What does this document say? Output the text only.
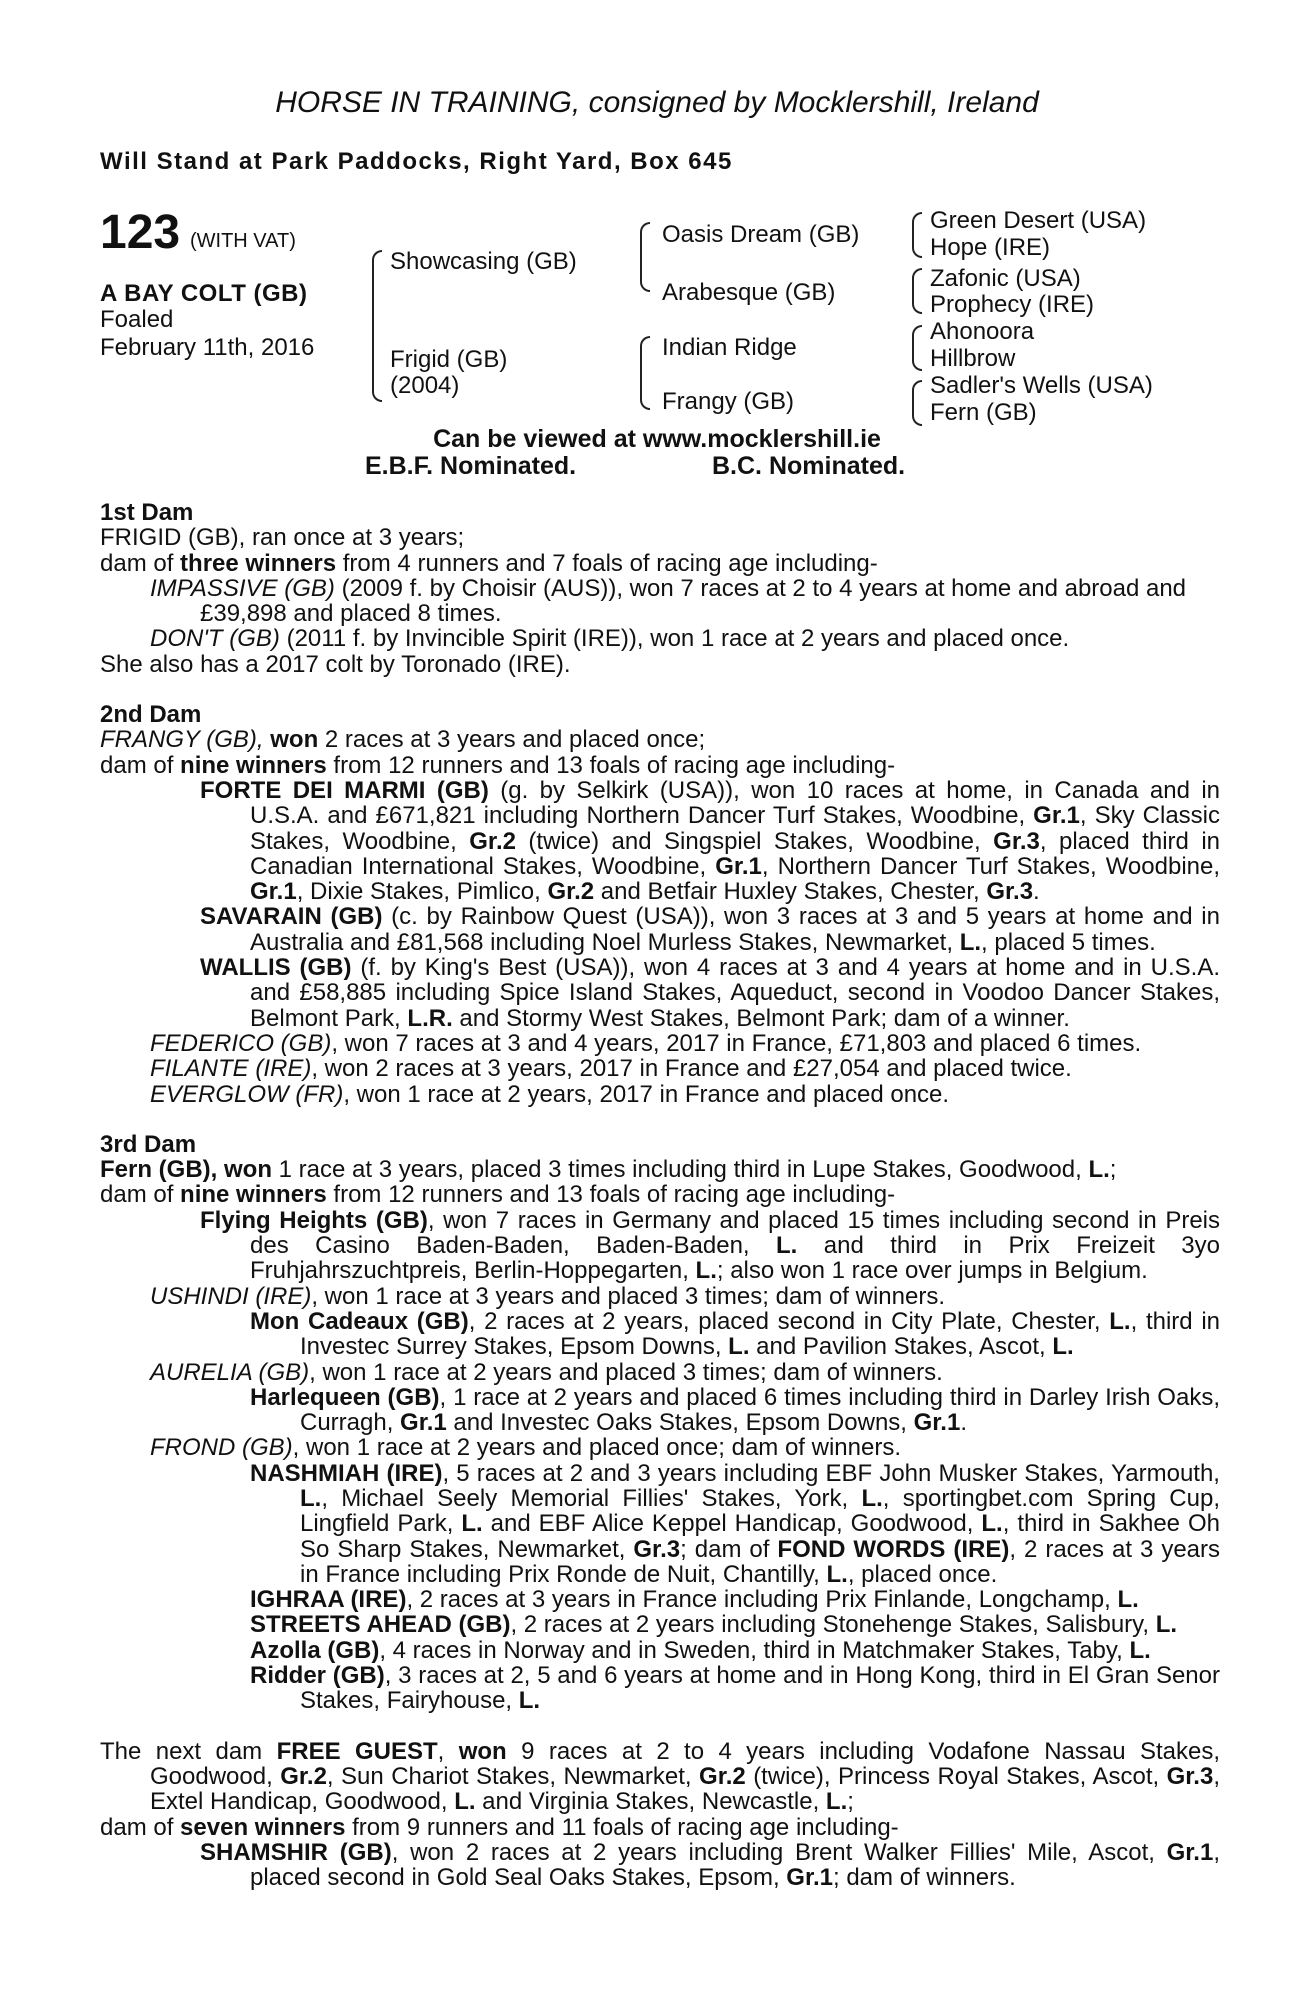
HORSE IN TRAINING, consigned by Mocklershill, Ireland
Will Stand at Park Paddocks, Right Yard, Box 645
123 (WITH VAT)
A BAY COLT (GB)
Foaled
February 11th, 2016
Showcasing (GB)
Frigid (GB)
(2004)
Oasis Dream (GB)
Arabesque (GB)
Indian Ridge
Frangy (GB)
Green Desert (USA)
Hope (IRE)
Zafonic (USA)
Prophecy (IRE)
Ahonoora
Hillbrow
Sadler's Wells (USA)
Fern (GB)
Can be viewed at www.mocklershill.ie
E.B.F. Nominated.	B.C. Nominated.

1st Dam

FRIGID (GB), ran once at 3 years;

dam of three winners from 4 runners and 7 foals of racing age including-

IMPASSIVE (GB) (2009 f. by Choisir (AUS)), won 7 races at 2 to 4 years at home and abroad and £39,898 and placed 8 times.

DON'T (GB) (2011 f. by Invincible Spirit (IRE)), won 1 race at 2 years and placed once.

She also has a 2017 colt by Toronado (IRE).

2nd Dam

FRANGY (GB), won 2 races at 3 years and placed once;

dam of nine winners from 12 runners and 13 foals of racing age including-

FORTE DEI MARMI (GB) (g. by Selkirk (USA)), won 10 races at home, in Canada and in U.S.A. and £671,821 including Northern Dancer Turf Stakes, Woodbine, Gr.1, Sky Classic Stakes, Woodbine, Gr.2 (twice) and Singspiel Stakes, Woodbine, Gr.3, placed third in Canadian International Stakes, Woodbine, Gr.1, Northern Dancer Turf Stakes, Woodbine, Gr.1, Dixie Stakes, Pimlico, Gr.2 and Betfair Huxley Stakes, Chester, Gr.3.

SAVARAIN (GB) (c. by Rainbow Quest (USA)), won 3 races at 3 and 5 years at home and in Australia and £81,568 including Noel Murless Stakes, Newmarket, L., placed 5 times.

WALLIS (GB) (f. by King's Best (USA)), won 4 races at 3 and 4 years at home and in U.S.A. and £58,885 including Spice Island Stakes, Aqueduct, second in Voodoo Dancer Stakes, Belmont Park, L.R. and Stormy West Stakes, Belmont Park; dam of a winner.

FEDERICO (GB), won 7 races at 3 and 4 years, 2017 in France, £71,803 and placed 6 times.

FILANTE (IRE), won 2 races at 3 years, 2017 in France and £27,054 and placed twice.

EVERGLOW (FR), won 1 race at 2 years, 2017 in France and placed once.

3rd Dam

Fern (GB), won 1 race at 3 years, placed 3 times including third in Lupe Stakes, Goodwood, L.;

dam of nine winners from 12 runners and 13 foals of racing age including-

Flying Heights (GB), won 7 races in Germany and placed 15 times including second in Preis des Casino Baden-Baden, Baden-Baden, L. and third in Prix Freizeit 3yo Fruhjahrszuchtpreis, Berlin-Hoppegarten, L.; also won 1 race over jumps in Belgium.

USHINDI (IRE), won 1 race at 3 years and placed 3 times; dam of winners.

Mon Cadeaux (GB), 2 races at 2 years, placed second in City Plate, Chester, L., third in Investec Surrey Stakes, Epsom Downs, L. and Pavilion Stakes, Ascot, L.

AURELIA (GB), won 1 race at 2 years and placed 3 times; dam of winners.

Harlequeen (GB), 1 race at 2 years and placed 6 times including third in Darley Irish Oaks, Curragh, Gr.1 and Investec Oaks Stakes, Epsom Downs, Gr.1.

FROND (GB), won 1 race at 2 years and placed once; dam of winners.

NASHMIAH (IRE), 5 races at 2 and 3 years including EBF John Musker Stakes, Yarmouth, L., Michael Seely Memorial Fillies' Stakes, York, L., sportingbet.com Spring Cup, Lingfield Park, L. and EBF Alice Keppel Handicap, Goodwood, L., third in Sakhee Oh So Sharp Stakes, Newmarket, Gr.3; dam of FOND WORDS (IRE), 2 races at 3 years in France including Prix Ronde de Nuit, Chantilly, L., placed once.

IGHRAA (IRE), 2 races at 3 years in France including Prix Finlande, Longchamp, L.

STREETS AHEAD (GB), 2 races at 2 years including Stonehenge Stakes, Salisbury, L.

Azolla (GB), 4 races in Norway and in Sweden, third in Matchmaker Stakes, Taby, L.

Ridder (GB), 3 races at 2, 5 and 6 years at home and in Hong Kong, third in El Gran Senor Stakes, Fairyhouse, L.

The next dam FREE GUEST, won 9 races at 2 to 4 years including Vodafone Nassau Stakes, Goodwood, Gr.2, Sun Chariot Stakes, Newmarket, Gr.2 (twice), Princess Royal Stakes, Ascot, Gr.3, Extel Handicap, Goodwood, L. and Virginia Stakes, Newcastle, L.;

dam of seven winners from 9 runners and 11 foals of racing age including-

SHAMSHIR (GB), won 2 races at 2 years including Brent Walker Fillies' Mile, Ascot, Gr.1, placed second in Gold Seal Oaks Stakes, Epsom, Gr.1; dam of winners.
